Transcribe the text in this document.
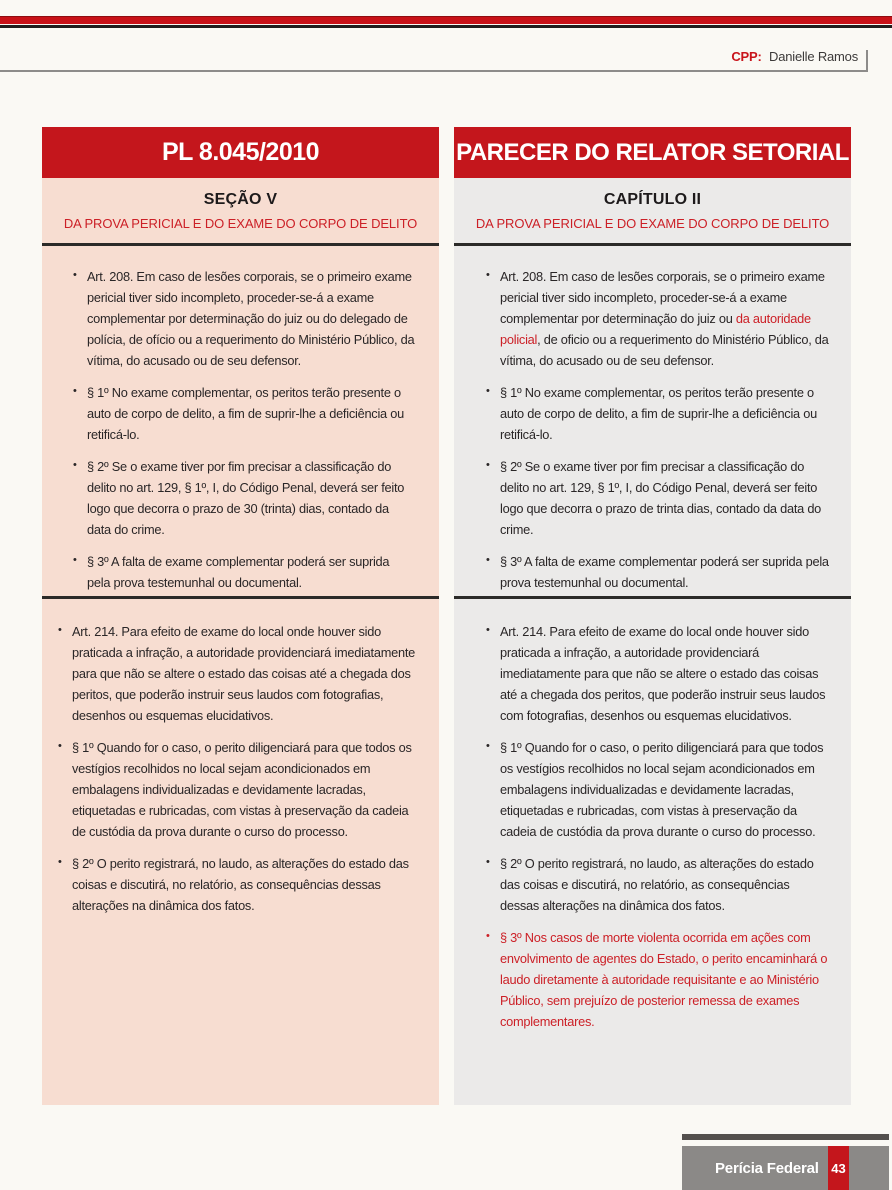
CPP: Danielle Ramos
PL 8.045/2010
SEÇÃO V
DA PROVA PERICIAL E DO EXAME DO CORPO DE DELITO
• Art. 208. Em caso de lesões corporais, se o primeiro exame pericial tiver sido incompleto, proceder-se-á a exame complementar por determinação do juiz ou do delegado de polícia, de ofício ou a requerimento do Ministério Público, da vítima, do acusado ou de seu defensor.
• § 1º No exame complementar, os peritos terão presente o auto de corpo de delito, a fim de suprir-lhe a deficiência ou retificá-lo.
• § 2º Se o exame tiver por fim precisar a classificação do delito no art. 129, § 1º, I, do Código Penal, deverá ser feito logo que decorra o prazo de 30 (trinta) dias, contado da data do crime.
• § 3º A falta de exame complementar poderá ser suprida pela prova testemunhal ou documental.
• Art. 214. Para efeito de exame do local onde houver sido praticada a infração, a autoridade providenciará imediatamente para que não se altere o estado das coisas até a chegada dos peritos, que poderão instruir seus laudos com fotografias, desenhos ou esquemas elucidativos.
• § 1º Quando for o caso, o perito diligenciará para que todos os vestígios recolhidos no local sejam acondicionados em embalagens individualizadas e devidamente lacradas, etiquetadas e rubricadas, com vistas à preservação da cadeia de custódia da prova durante o curso do processo.
• § 2º O perito registrará, no laudo, as alterações do estado das coisas e discutirá, no relatório, as consequências dessas alterações na dinâmica dos fatos.
PARECER DO RELATOR SETORIAL
CAPÍTULO II
DA PROVA PERICIAL E DO EXAME DO CORPO DE DELITO
• Art. 208. Em caso de lesões corporais, se o primeiro exame pericial tiver sido incompleto, proceder-se-á a exame complementar por determinação do juiz ou da autoridade policial, de oficio ou a requerimento do Ministério Público, da vítima, do acusado ou de seu defensor.
• § 1º No exame complementar, os peritos terão presente o auto de corpo de delito, a fim de suprir-lhe a deficiência ou retificá-lo.
• § 2º Se o exame tiver por fim precisar a classificação do delito no art. 129, § 1º, I, do Código Penal, deverá ser feito logo que decorra o prazo de trinta dias, contado da data do crime.
• § 3º A falta de exame complementar poderá ser suprida pela prova testemunhal ou documental.
• Art. 214. Para efeito de exame do local onde houver sido praticada a infração, a autoridade providenciará imediatamente para que não se altere o estado das coisas até a chegada dos peritos, que poderão instruir seus laudos com fotografias, desenhos ou esquemas elucidativos.
• § 1º Quando for o caso, o perito diligenciará para que todos os vestígios recolhidos no local sejam acondicionados em embalagens individualizadas e devidamente lacradas, etiquetadas e rubricadas, com vistas à preservação da cadeia de custódia da prova durante o curso do processo.
• § 2º O perito registrará, no laudo, as alterações do estado das coisas e discutirá, no relatório, as consequências dessas alterações na dinâmica dos fatos.
• § 3º Nos casos de morte violenta ocorrida em ações com envolvimento de agentes do Estado, o perito encaminhará o laudo diretamente à autoridade requisitante e ao Ministério Público, sem prejuízo de posterior remessa de exames complementares.
Perícia Federal 43
